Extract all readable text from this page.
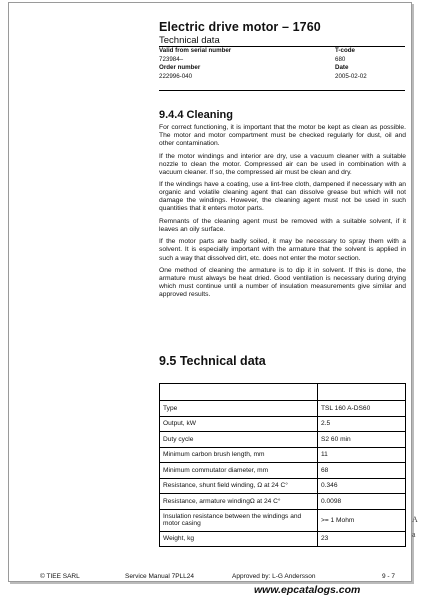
Electric drive motor – 1760
Technical data
Valid from serial number	T-code
723984–	680
Order number	Date
222996-040	2005-02-02
9.4.4 Cleaning

For correct functioning, it is important that the motor be kept as clean as possible. The motor and motor compartment must be checked regularly for dust, oil and other contamination.

If the motor windings and interior are dry, use a vacuum cleaner with a suitable nozzle to clean the motor. Compressed air can be used in combination with a vacuum cleaner. If so, the compressed air must be clean and dry.

If the windings have a coating, use a lint-free cloth, dampened if necessary with an organic and volatile cleaning agent that can dissolve grease but which will not damage the windings. However, the cleaning agent must not be used in such quantities that it enters motor parts.

Remnants of the cleaning agent must be removed with a suitable solvent, if it leaves an oily surface.

If the motor parts are badly soiled, it may be necessary to spray them with a solvent. It is especially important with the armature that the solvent is applied in such a way that dissolved dirt, etc. does not enter the motor section.

One method of cleaning the armature is to dip it in solvent. If this is done, the armature must always be heat dried. Good ventilation is necessary during drying which must continue until a number of insulation measurements give similar and approved results.

9.5 Technical data

Type	TSL 160 A-DS60
Output, kW	2.5
Duty cycle	S2 60 min
Minimum carbon brush length, mm	11
Minimum commutator diameter, mm	68
Resistance, shunt field winding, Ω at 24 C°	0.346
Resistance, armature windingΩ at 24 C°	0.0098
Insulation resistance between the windings and motor casing	>= 1 Mohm
Weight, kg	23
A
a
© TIEE SARL	Service Manual 7PLL24	Approved by: L-G Andersson	9 - 7
www.epcatalogs.com
